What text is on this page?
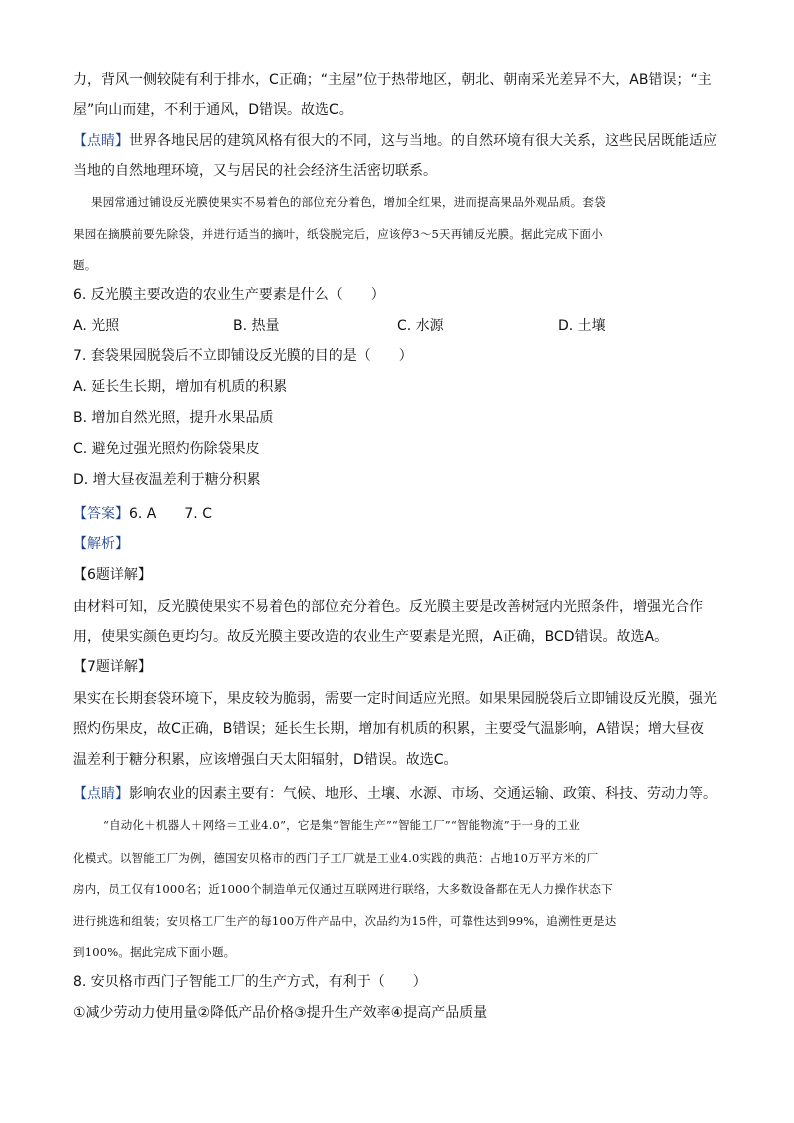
力，背风一侧较陡有利于排水，C正确；“主屋”位于热带地区，朝北、朝南采光差异不大，AB错误；“主
屋”向山而建，不利于通风，D错误。故选C。
【点睛】世界各地民居的建筑风格有很大的不同，这与当地。的自然环境有很大关系，这些民居既能适应
当地的自然地理环境，又与居民的社会经济生活密切联系。
果园常通过铺设反光膜使果实不易着色的部位充分着色，增加全红果，进而提高果品外观品质。套袋
果园在摘膜前要先除袋，并进行适当的摘叶，纸袋脱完后，应该停3～5天再铺反光膜。据此完成下面小
题。
6. 反光膜主要改造的农业生产要素是什么（　　）
A. 光照	B. 热量	C. 水源	D. 土壤
7. 套袋果园脱袋后不立即铺设反光膜的目的是（　　）
A. 延长生长期，增加有机质的积累
B. 增加自然光照，提升水果品质
C. 避免过强光照灼伤除袋果皮
D. 增大昼夜温差利于糖分积累
【答案】6. A　　7. C
【解析】
【6题详解】
由材料可知，反光膜使果实不易着色的部位充分着色。反光膜主要是改善树冠内光照条件，增强光合作
用，使果实颜色更均匀。故反光膜主要改造的农业生产要素是光照，A正确，BCD错误。故选A。
【7题详解】
果实在长期套袋环境下，果皮较为脆弱，需要一定时间适应光照。如果果园脱袋后立即铺设反光膜，强光
照灼伤果皮，故C正确，B错误；延长生长期，增加有机质的积累，主要受气温影响，A错误；增大昼夜
温差利于糖分积累，应该增强白天太阳辐射，D错误。故选C。
【点睛】影响农业的因素主要有：气候、地形、土壤、水源、市场、交通运输、政策、科技、劳动力等。
“自动化＋机器人＋网络＝工业4.0”，它是集“智能生产”“智能工厂”“智能物流”于一身的工业
化模式。以智能工厂为例，德国安贝格市的西门子工厂就是工业4.0实践的典范：占地10万平方米的厂
房内，员工仅有1000名；近1000个制造单元仅通过互联网进行联络，大多数设备都在无人力操作状态下
进行挑选和组装；安贝格工厂生产的每100万件产品中，次品约为15件，可靠性达到99%，追溯性更是达
到100%。据此完成下面小题。
8. 安贝格市西门子智能工厂的生产方式，有利于（　　）
①减少劳动力使用量②降低产品价格③提升生产效率④提高产品质量
